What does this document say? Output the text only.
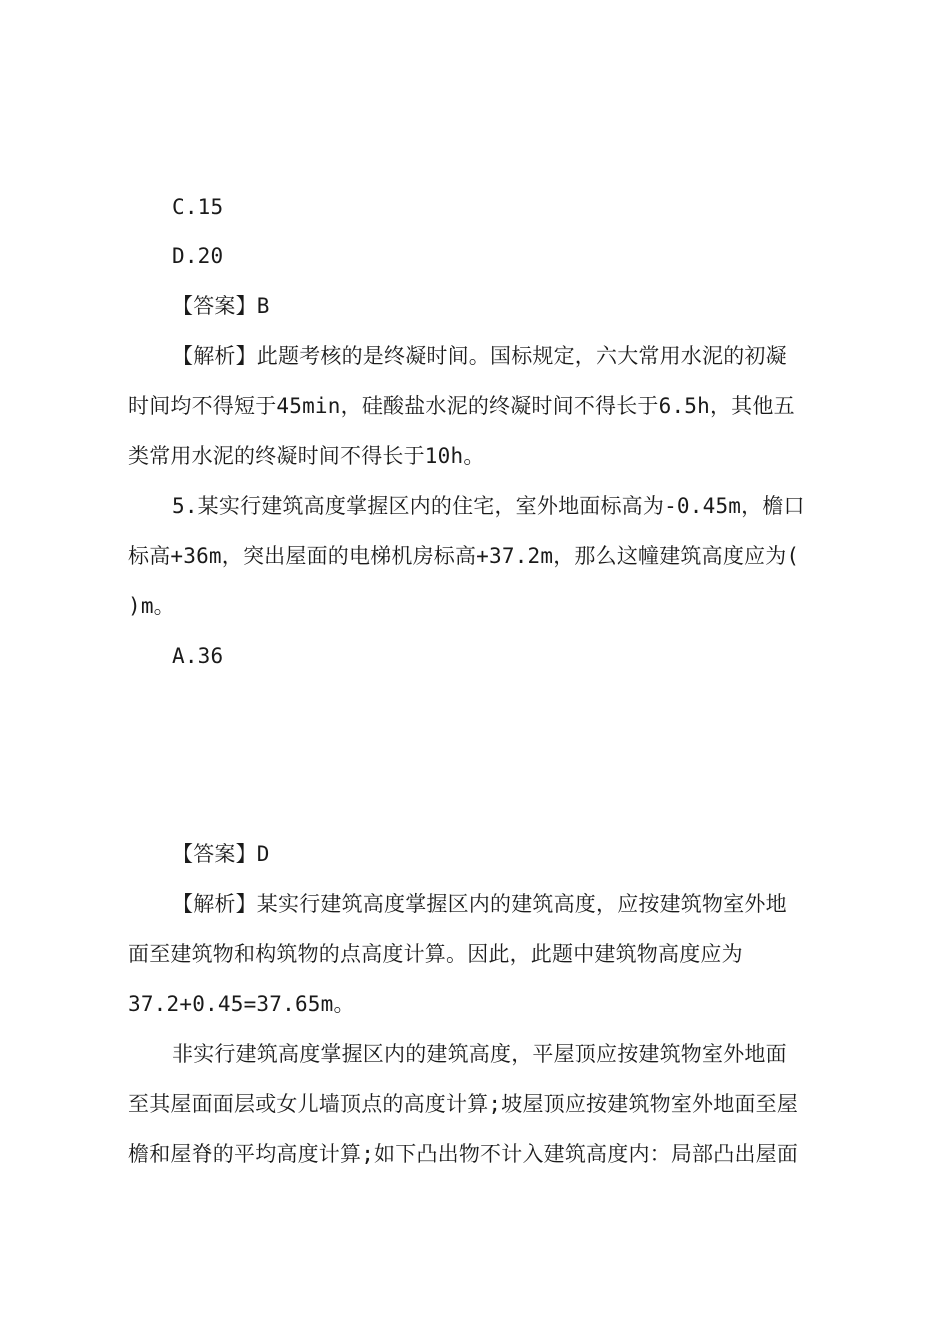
C.15
D.20
【答案】B
【解析】此题考核的是终凝时间。国标规定，六大常用水泥的初凝
时间均不得短于45min，硅酸盐水泥的终凝时间不得长于6.5h，其他五
类常用水泥的终凝时间不得长于10h。
5.某实行建筑高度掌握区内的住宅，室外地面标高为-0.45m，檐口
标高+36m，突出屋面的电梯机房标高+37.2m，那么这幢建筑高度应为(
)m。
A.36
【答案】D
【解析】某实行建筑高度掌握区内的建筑高度，应按建筑物室外地
面至建筑物和构筑物的点高度计算。因此，此题中建筑物高度应为
37.2+0.45=37.65m。
非实行建筑高度掌握区内的建筑高度，平屋顶应按建筑物室外地面
至其屋面面层或女儿墙顶点的高度计算;坡屋顶应按建筑物室外地面至屋
檐和屋脊的平均高度计算;如下凸出物不计入建筑高度内：局部凸出屋面
